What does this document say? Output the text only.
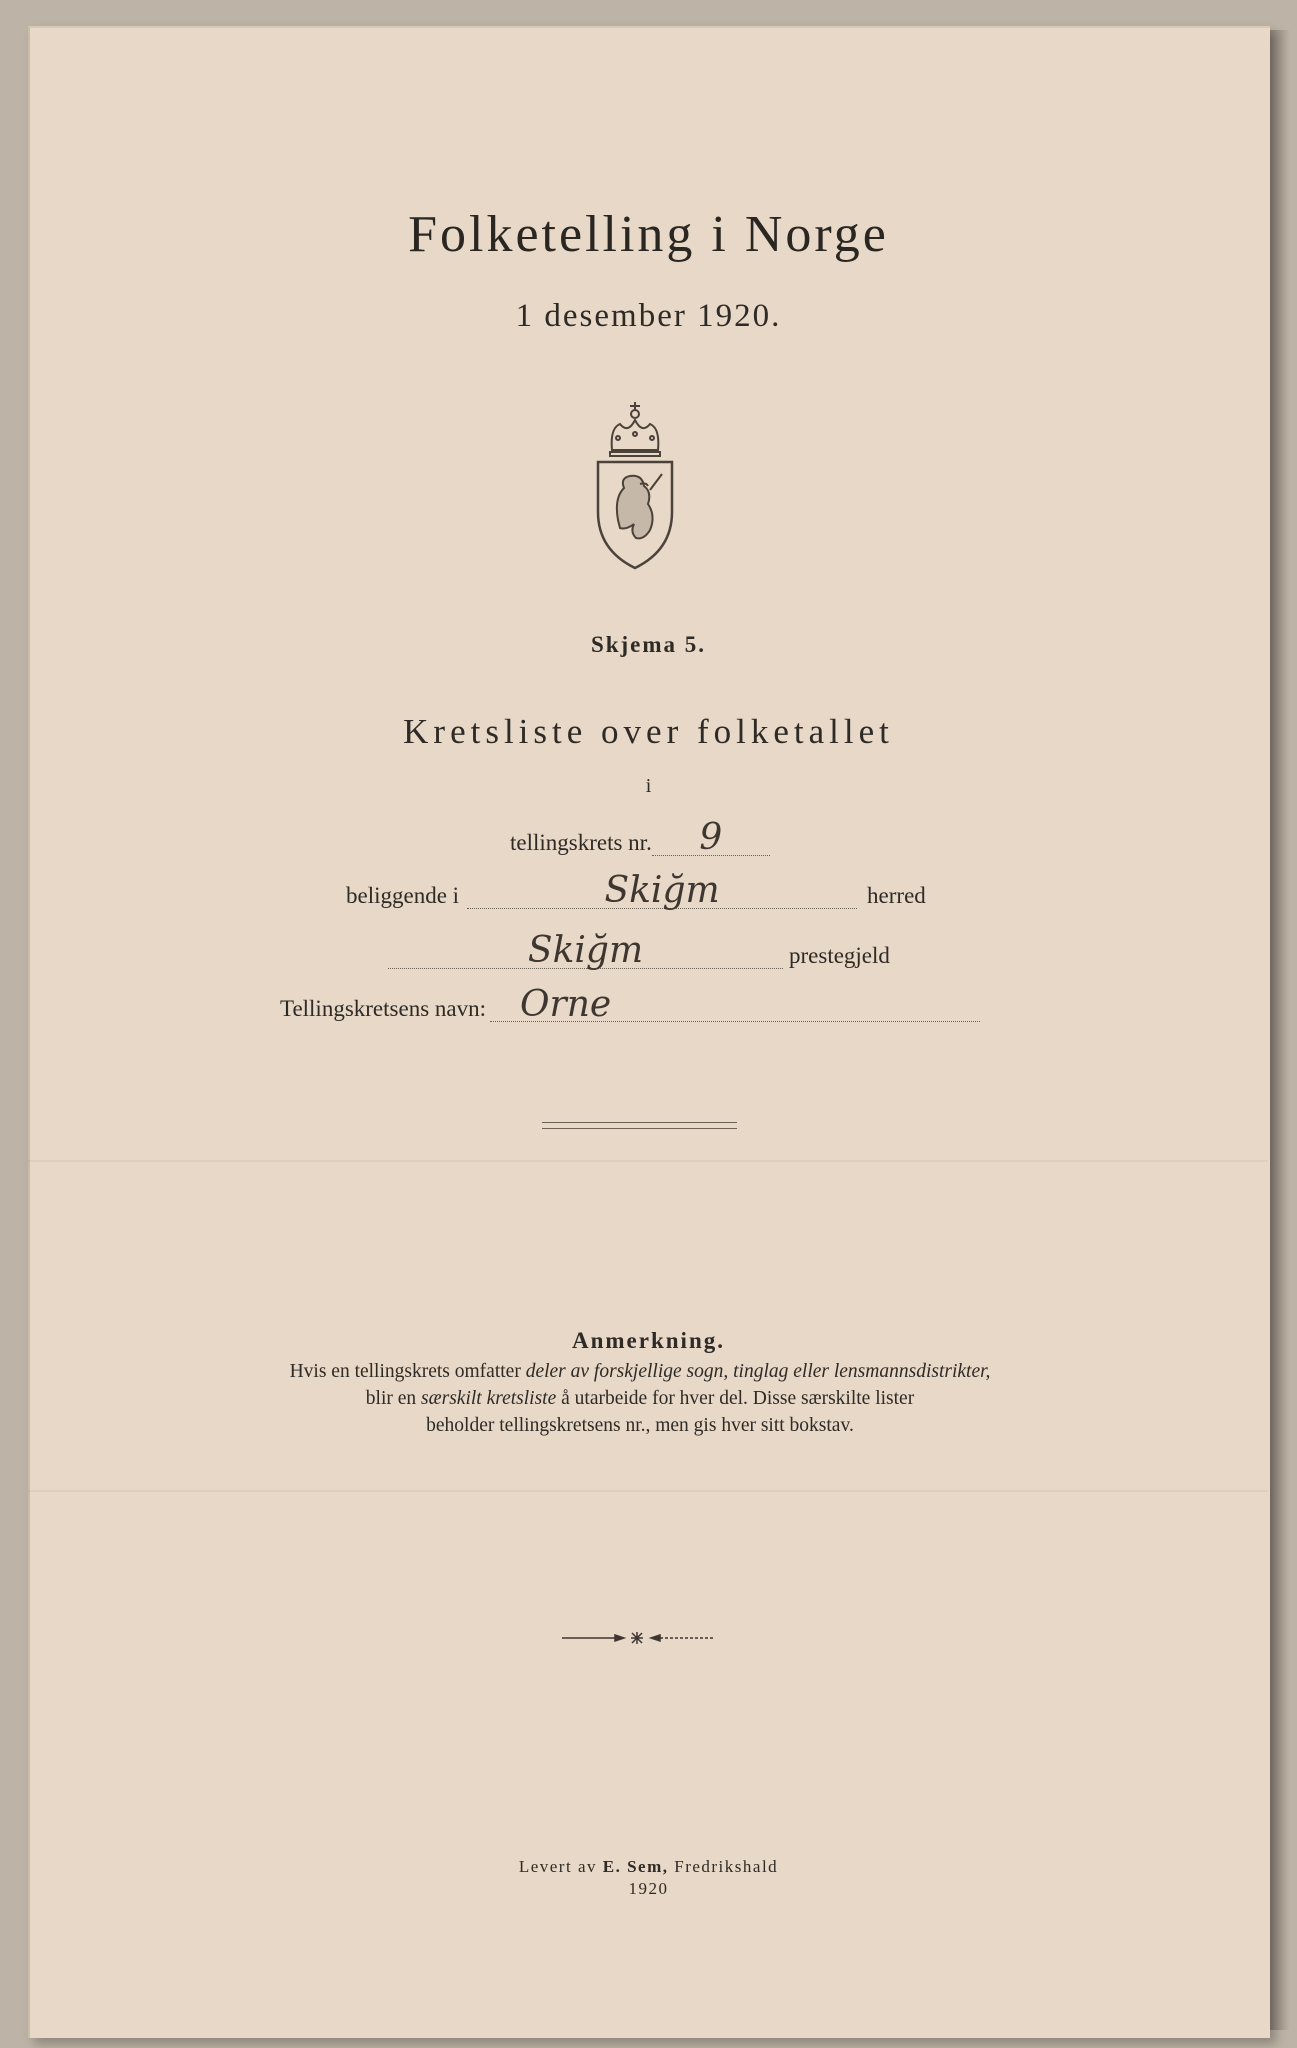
Folketelling i Norge
1 desember 1920.
Skjema 5.
Kretsliste over folketallet
i
tellingskrets nr.	9
beliggende i	Skiğm	herred
Skiğm	prestegjeld
Tellingskretsens navn: Orne
Anmerkning.
Hvis en tellingskrets omfatter deler av forskjellige sogn, tinglag eller lensmannsdistrikter,
blir en særskilt kretsliste å utarbeide for hver del. Disse særskilte lister
beholder tellingskretsens nr., men gis hver sitt bokstav.
Levert av E. Sem, Fredrikshald
1920
